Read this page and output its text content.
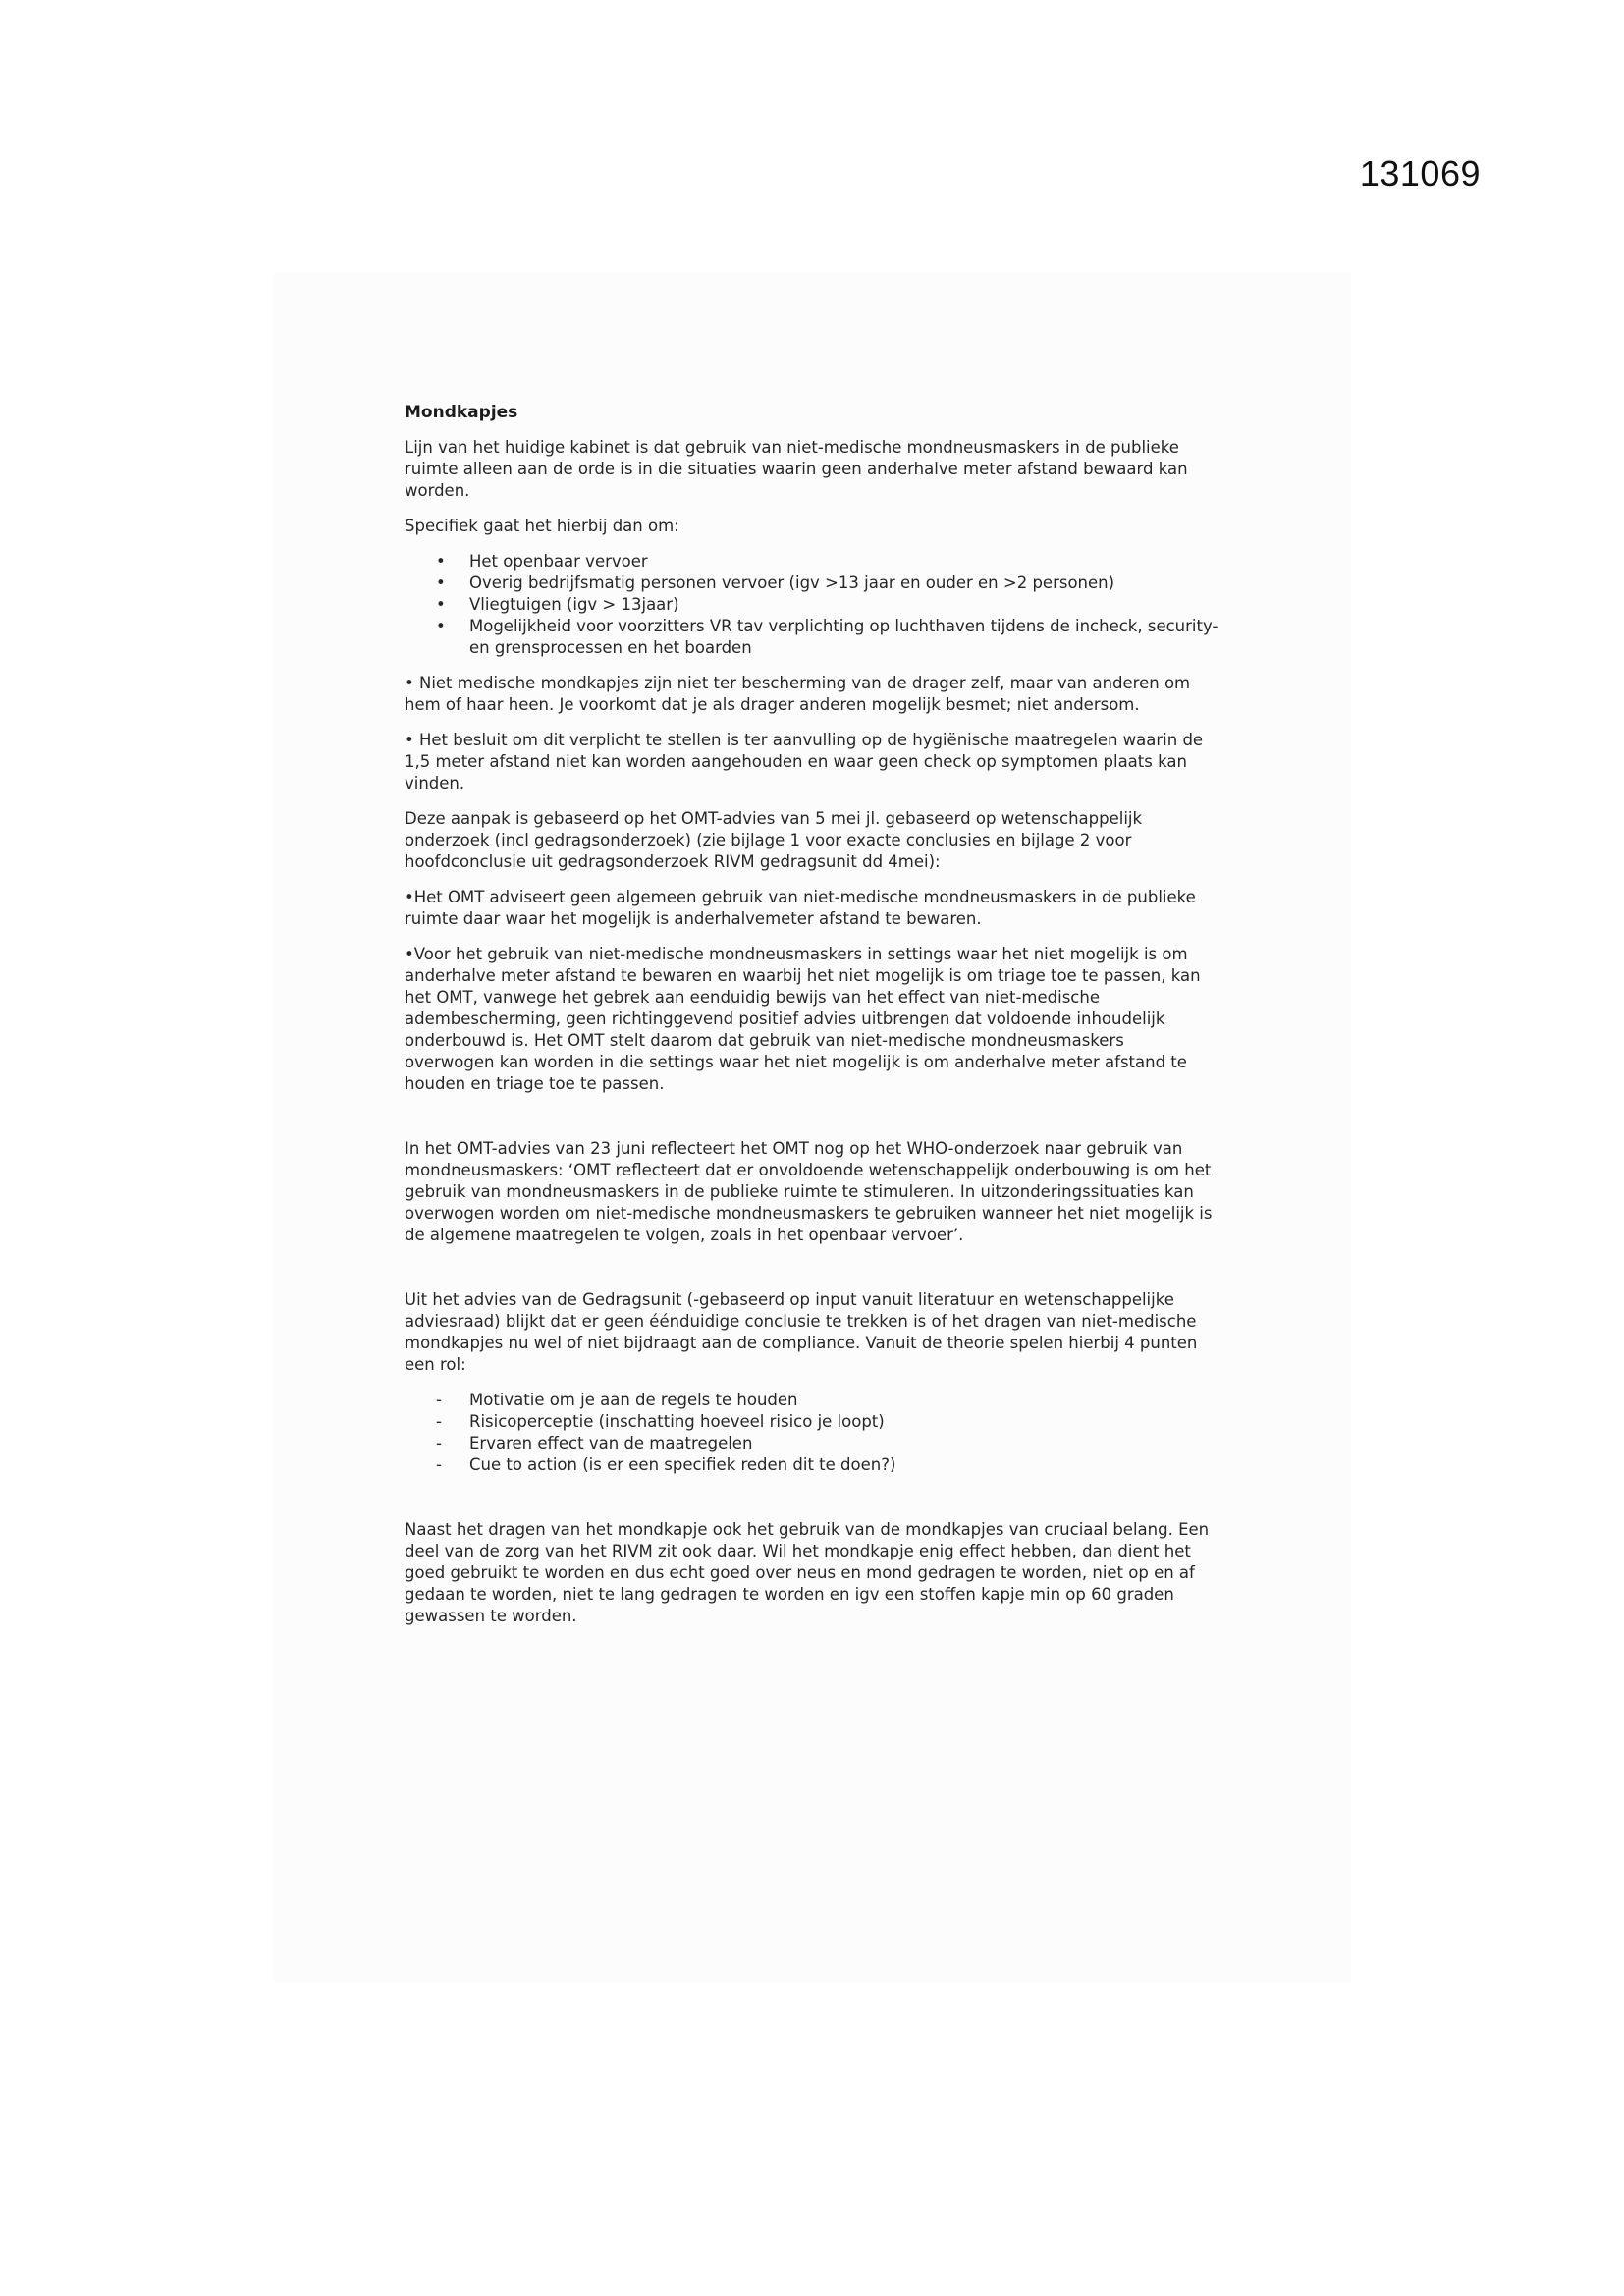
131069
Mondkapjes

Lijn van het huidige kabinet is dat gebruik van niet-medische mondneusmaskers in de publieke
ruimte alleen aan de orde is in die situaties waarin geen anderhalve meter afstand bewaard kan
worden.

Specifiek gaat het hierbij dan om:

• Het openbaar vervoer
• Overig bedrijfsmatig personen vervoer (igv >13 jaar en ouder en >2 personen)
• Vliegtuigen (igv > 13jaar)
• Mogelijkheid voor voorzitters VR tav verplichting op luchthaven tijdens de incheck, security-
en grensprocessen en het boarden

• Niet medische mondkapjes zijn niet ter bescherming van de drager zelf, maar van anderen om
hem of haar heen. Je voorkomt dat je als drager anderen mogelijk besmet; niet andersom.

• Het besluit om dit verplicht te stellen is ter aanvulling op de hygiënische maatregelen waarin de
1,5 meter afstand niet kan worden aangehouden en waar geen check op symptomen plaats kan
vinden.

Deze aanpak is gebaseerd op het OMT-advies van 5 mei jl. gebaseerd op wetenschappelijk
onderzoek (incl gedragsonderzoek) (zie bijlage 1 voor exacte conclusies en bijlage 2 voor
hoofdconclusie uit gedragsonderzoek RIVM gedragsunit dd 4mei):

•Het OMT adviseert geen algemeen gebruik van niet-medische mondneusmaskers in de publieke
ruimte daar waar het mogelijk is anderhalvemeter afstand te bewaren.

•Voor het gebruik van niet-medische mondneusmaskers in settings waar het niet mogelijk is om
anderhalve meter afstand te bewaren en waarbij het niet mogelijk is om triage toe te passen, kan
het OMT, vanwege het gebrek aan eenduidig bewijs van het effect van niet-medische
adembescherming, geen richtinggevend positief advies uitbrengen dat voldoende inhoudelijk
onderbouwd is. Het OMT stelt daarom dat gebruik van niet-medische mondneusmaskers
overwogen kan worden in die settings waar het niet mogelijk is om anderhalve meter afstand te
houden en triage toe te passen.

In het OMT-advies van 23 juni reflecteert het OMT nog op het WHO-onderzoek naar gebruik van
mondneusmaskers: ‘OMT reflecteert dat er onvoldoende wetenschappelijk onderbouwing is om het
gebruik van mondneusmaskers in de publieke ruimte te stimuleren. In uitzonderingssituaties kan
overwogen worden om niet-medische mondneusmaskers te gebruiken wanneer het niet mogelijk is
de algemene maatregelen te volgen, zoals in het openbaar vervoer’.

Uit het advies van de Gedragsunit (-gebaseerd op input vanuit literatuur en wetenschappelijke
adviesraad) blijkt dat er geen éénduidige conclusie te trekken is of het dragen van niet-medische
mondkapjes nu wel of niet bijdraagt aan de compliance. Vanuit de theorie spelen hierbij 4 punten
een rol:

- Motivatie om je aan de regels te houden
- Risicoperceptie (inschatting hoeveel risico je loopt)
- Ervaren effect van de maatregelen
- Cue to action (is er een specifiek reden dit te doen?)

Naast het dragen van het mondkapje ook het gebruik van de mondkapjes van cruciaal belang. Een
deel van de zorg van het RIVM zit ook daar. Wil het mondkapje enig effect hebben, dan dient het
goed gebruikt te worden en dus echt goed over neus en mond gedragen te worden, niet op en af
gedaan te worden, niet te lang gedragen te worden en igv een stoffen kapje min op 60 graden
gewassen te worden.
